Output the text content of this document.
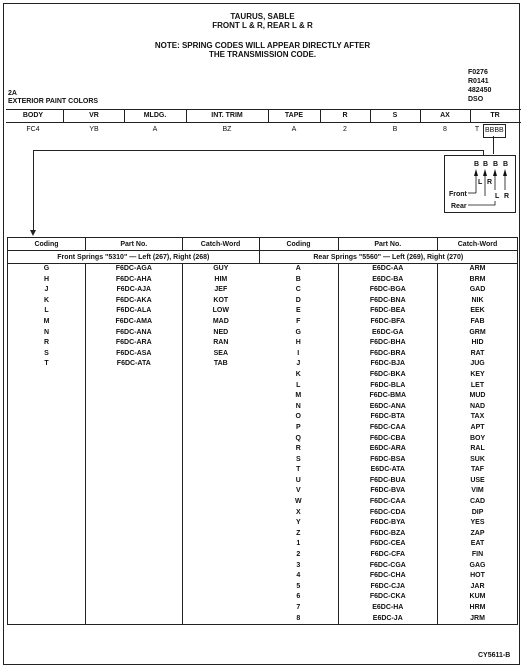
TAURUS, SABLE
FRONT L & R, REAR L & R
NOTE: SPRING CODES WILL APPEAR DIRECTLY AFTER
THE TRANSMISSION CODE.
F0276
R0141
482450
DSO
2A
EXTERIOR PAINT COLORS
BODY	VR	MLDG.	INT. TRIM	TAPE	R	S	AX	TR
FC4	YB	A	BZ	A	2	B	8	T BBBB
B B B B
L R
L R
Front
Rear
Coding	Part No.	Catch-Word	Coding	Part No.	Catch-Word
Front Springs "5310" — Left (267), Right (268)			Rear Springs "5560" — Left (269), Right (270)		
G	F6DC-AGA	GUY	A	E6DC-AA	ARM
H	F6DC-AHA	HIM	B	E6DC-BA	BRM
J	F6DC-AJA	JEF	C	F6DC-BGA	GAD
K	F6DC-AKA	KOT	D	F6DC-BNA	NIK
L	F6DC-ALA	LOW	E	F6DC-BEA	EEK
M	F6DC-AMA	MAD	F	F6DC-BFA	FAB
N	F6DC-ANA	NED	G	E6DC-GA	GRM
R	F6DC-ARA	RAN	H	F6DC-BHA	HID
S	F6DC-ASA	SEA	I	F6DC-BRA	RAT
T	F6DC-ATA	TAB	J	F6DC-BJA	JUG
			K	F6DC-BKA	KEY
			L	F6DC-BLA	LET
			M	F6DC-BMA	MUD
			N	E6DC-ANA	NAD
			O	F6DC-BTA	TAX
			P	F6DC-CAA	APT
			Q	F6DC-CBA	BOY
			R	E6DC-ARA	RAL
			S	F6DC-BSA	SUK
			T	E6DC-ATA	TAF
			U	F6DC-BUA	USE
			V	F6DC-BVA	VIM
			W	F6DC-CAA	CAD
			X	F6DC-CDA	DIP
			Y	F6DC-BYA	YES
			Z	F6DC-BZA	ZAP
			1	F6DC-CEA	EAT
			2	F6DC-CFA	FIN
			3	F6DC-CGA	GAG
			4	F6DC-CHA	HOT
			5	F6DC-CJA	JAR
			6	F6DC-CKA	KUM
			7	E6DC-HA	HRM
			8	E6DC-JA	JRM
CY5611-B
